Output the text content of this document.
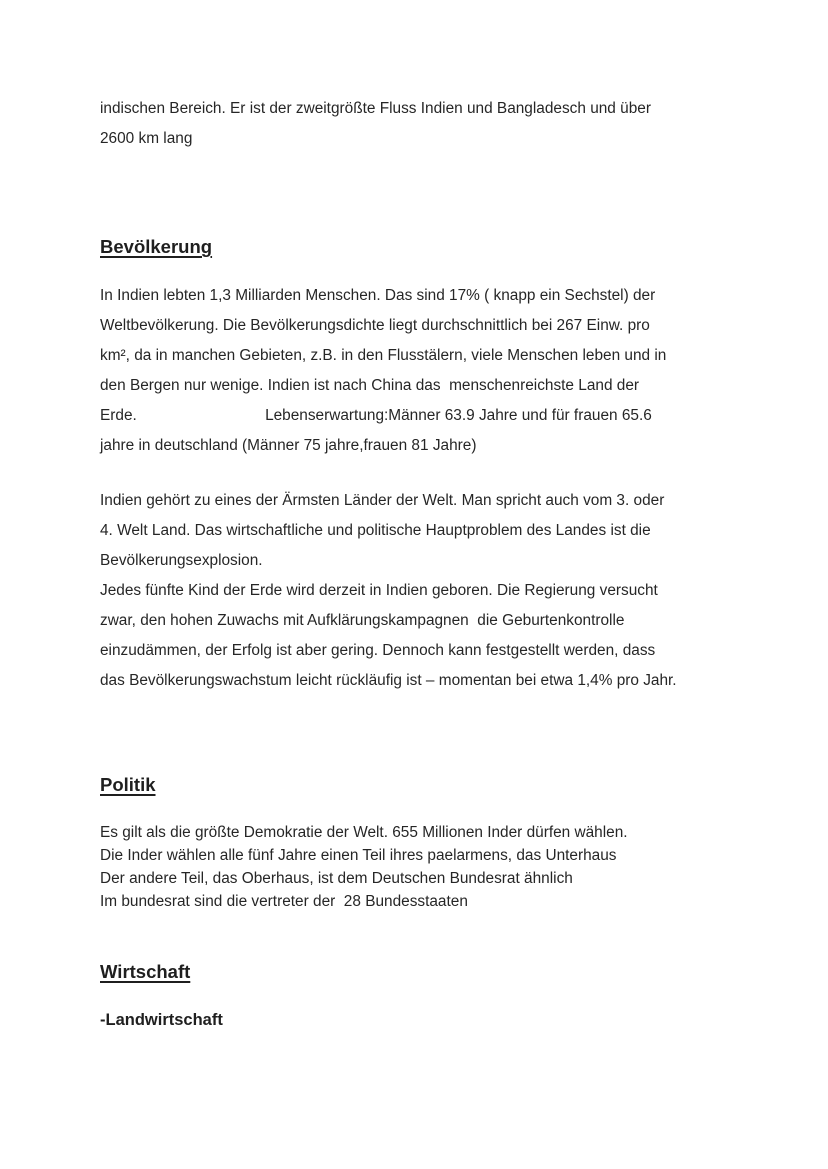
indischen Bereich. Er ist der zweitgrößte Fluss Indien und Bangladesch und über
2600 km lang
Bevölkerung
In Indien lebten 1,3 Milliarden Menschen. Das sind 17% ( knapp ein Sechstel) der
Weltbevölkerung. Die Bevölkerungsdichte liegt durchschnittlich bei 267 Einw. pro
km², da in manchen Gebieten, z.B. in den Flusstälern, viele Menschen leben und in
den Bergen nur wenige. Indien ist nach China das  menschenreichste Land der
Erde.                              Lebenserwartung:Männer 63.9 Jahre und für frauen 65.6
jahre in deutschland (Männer 75 jahre,frauen 81 Jahre)
Indien gehört zu eines der Ärmsten Länder der Welt. Man spricht auch vom 3. oder
4. Welt Land. Das wirtschaftliche und politische Hauptproblem des Landes ist die
Bevölkerungsexplosion.
Jedes fünfte Kind der Erde wird derzeit in Indien geboren. Die Regierung versucht
zwar, den hohen Zuwachs mit Aufklärungskampagnen  die Geburtenkontrolle
einzudämmen, der Erfolg ist aber gering. Dennoch kann festgestellt werden, dass
das Bevölkerungswachstum leicht rückläufig ist – momentan bei etwa 1,4% pro Jahr.
Politik
Es gilt als die größte Demokratie der Welt. 655 Millionen Inder dürfen wählen.
Die Inder wählen alle fünf Jahre einen Teil ihres paelarmens, das Unterhaus
Der andere Teil, das Oberhaus, ist dem Deutschen Bundesrat ähnlich
Im bundesrat sind die vertreter der  28 Bundesstaaten
Wirtschaft
-Landwirtschaft
